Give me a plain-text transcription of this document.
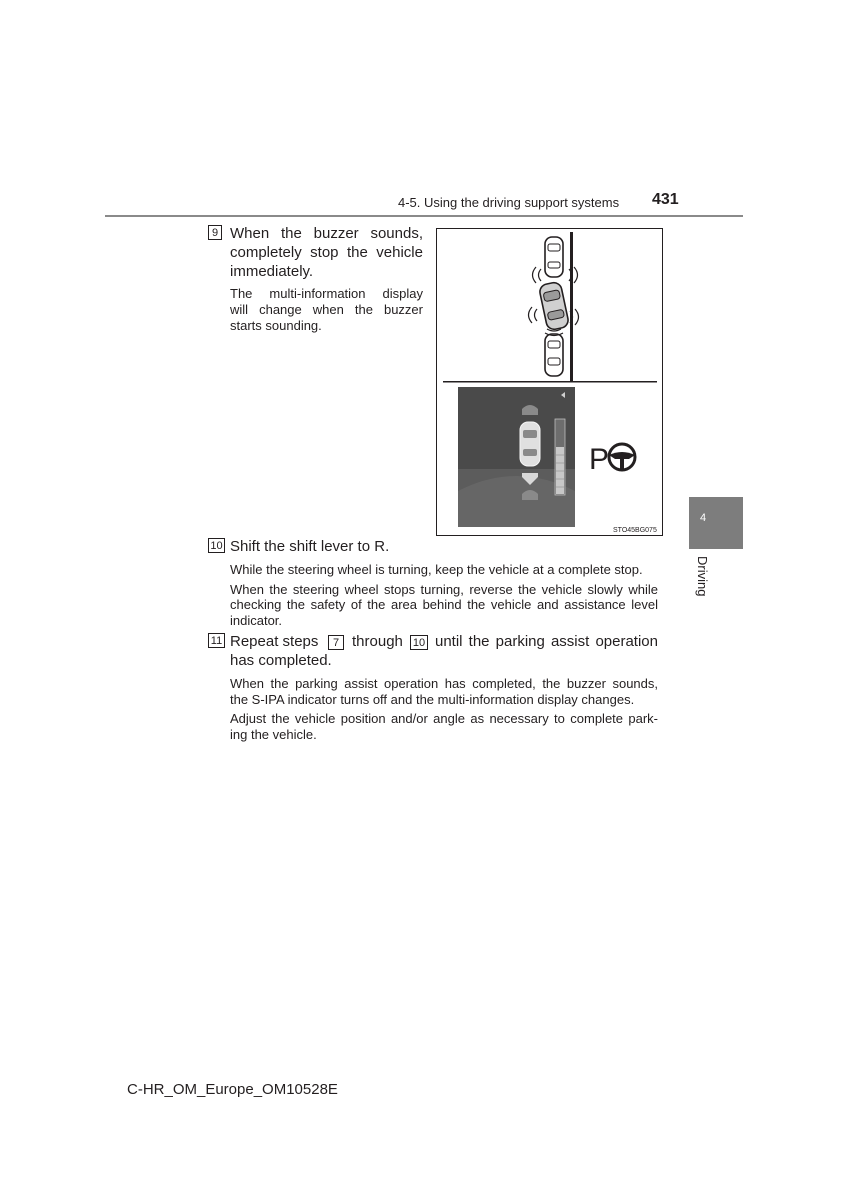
4-5. Using the driving support systems 431
4
Driving
9 When the buzzer sounds,
completely stop the vehicle
immediately.
The multi-information display
will change when the buzzer
starts sounding.
P
STO45BG075
10 Shift the shift lever to R.
While the steering wheel is turning, keep the vehicle at a complete stop.
When the steering wheel stops turning, reverse the vehicle slowly while
checking the safety of the area behind the vehicle and assistance level
indicator.
11 Repeat steps	7 through 10 until the parking assist operation
has completed.
When the parking assist operation has completed, the buzzer sounds,
the S-IPA indicator turns off and the multi-information display changes.
Adjust the vehicle position and/or angle as necessary to complete park-
ing the vehicle.
C-HR_OM_Europe_OM10528E
